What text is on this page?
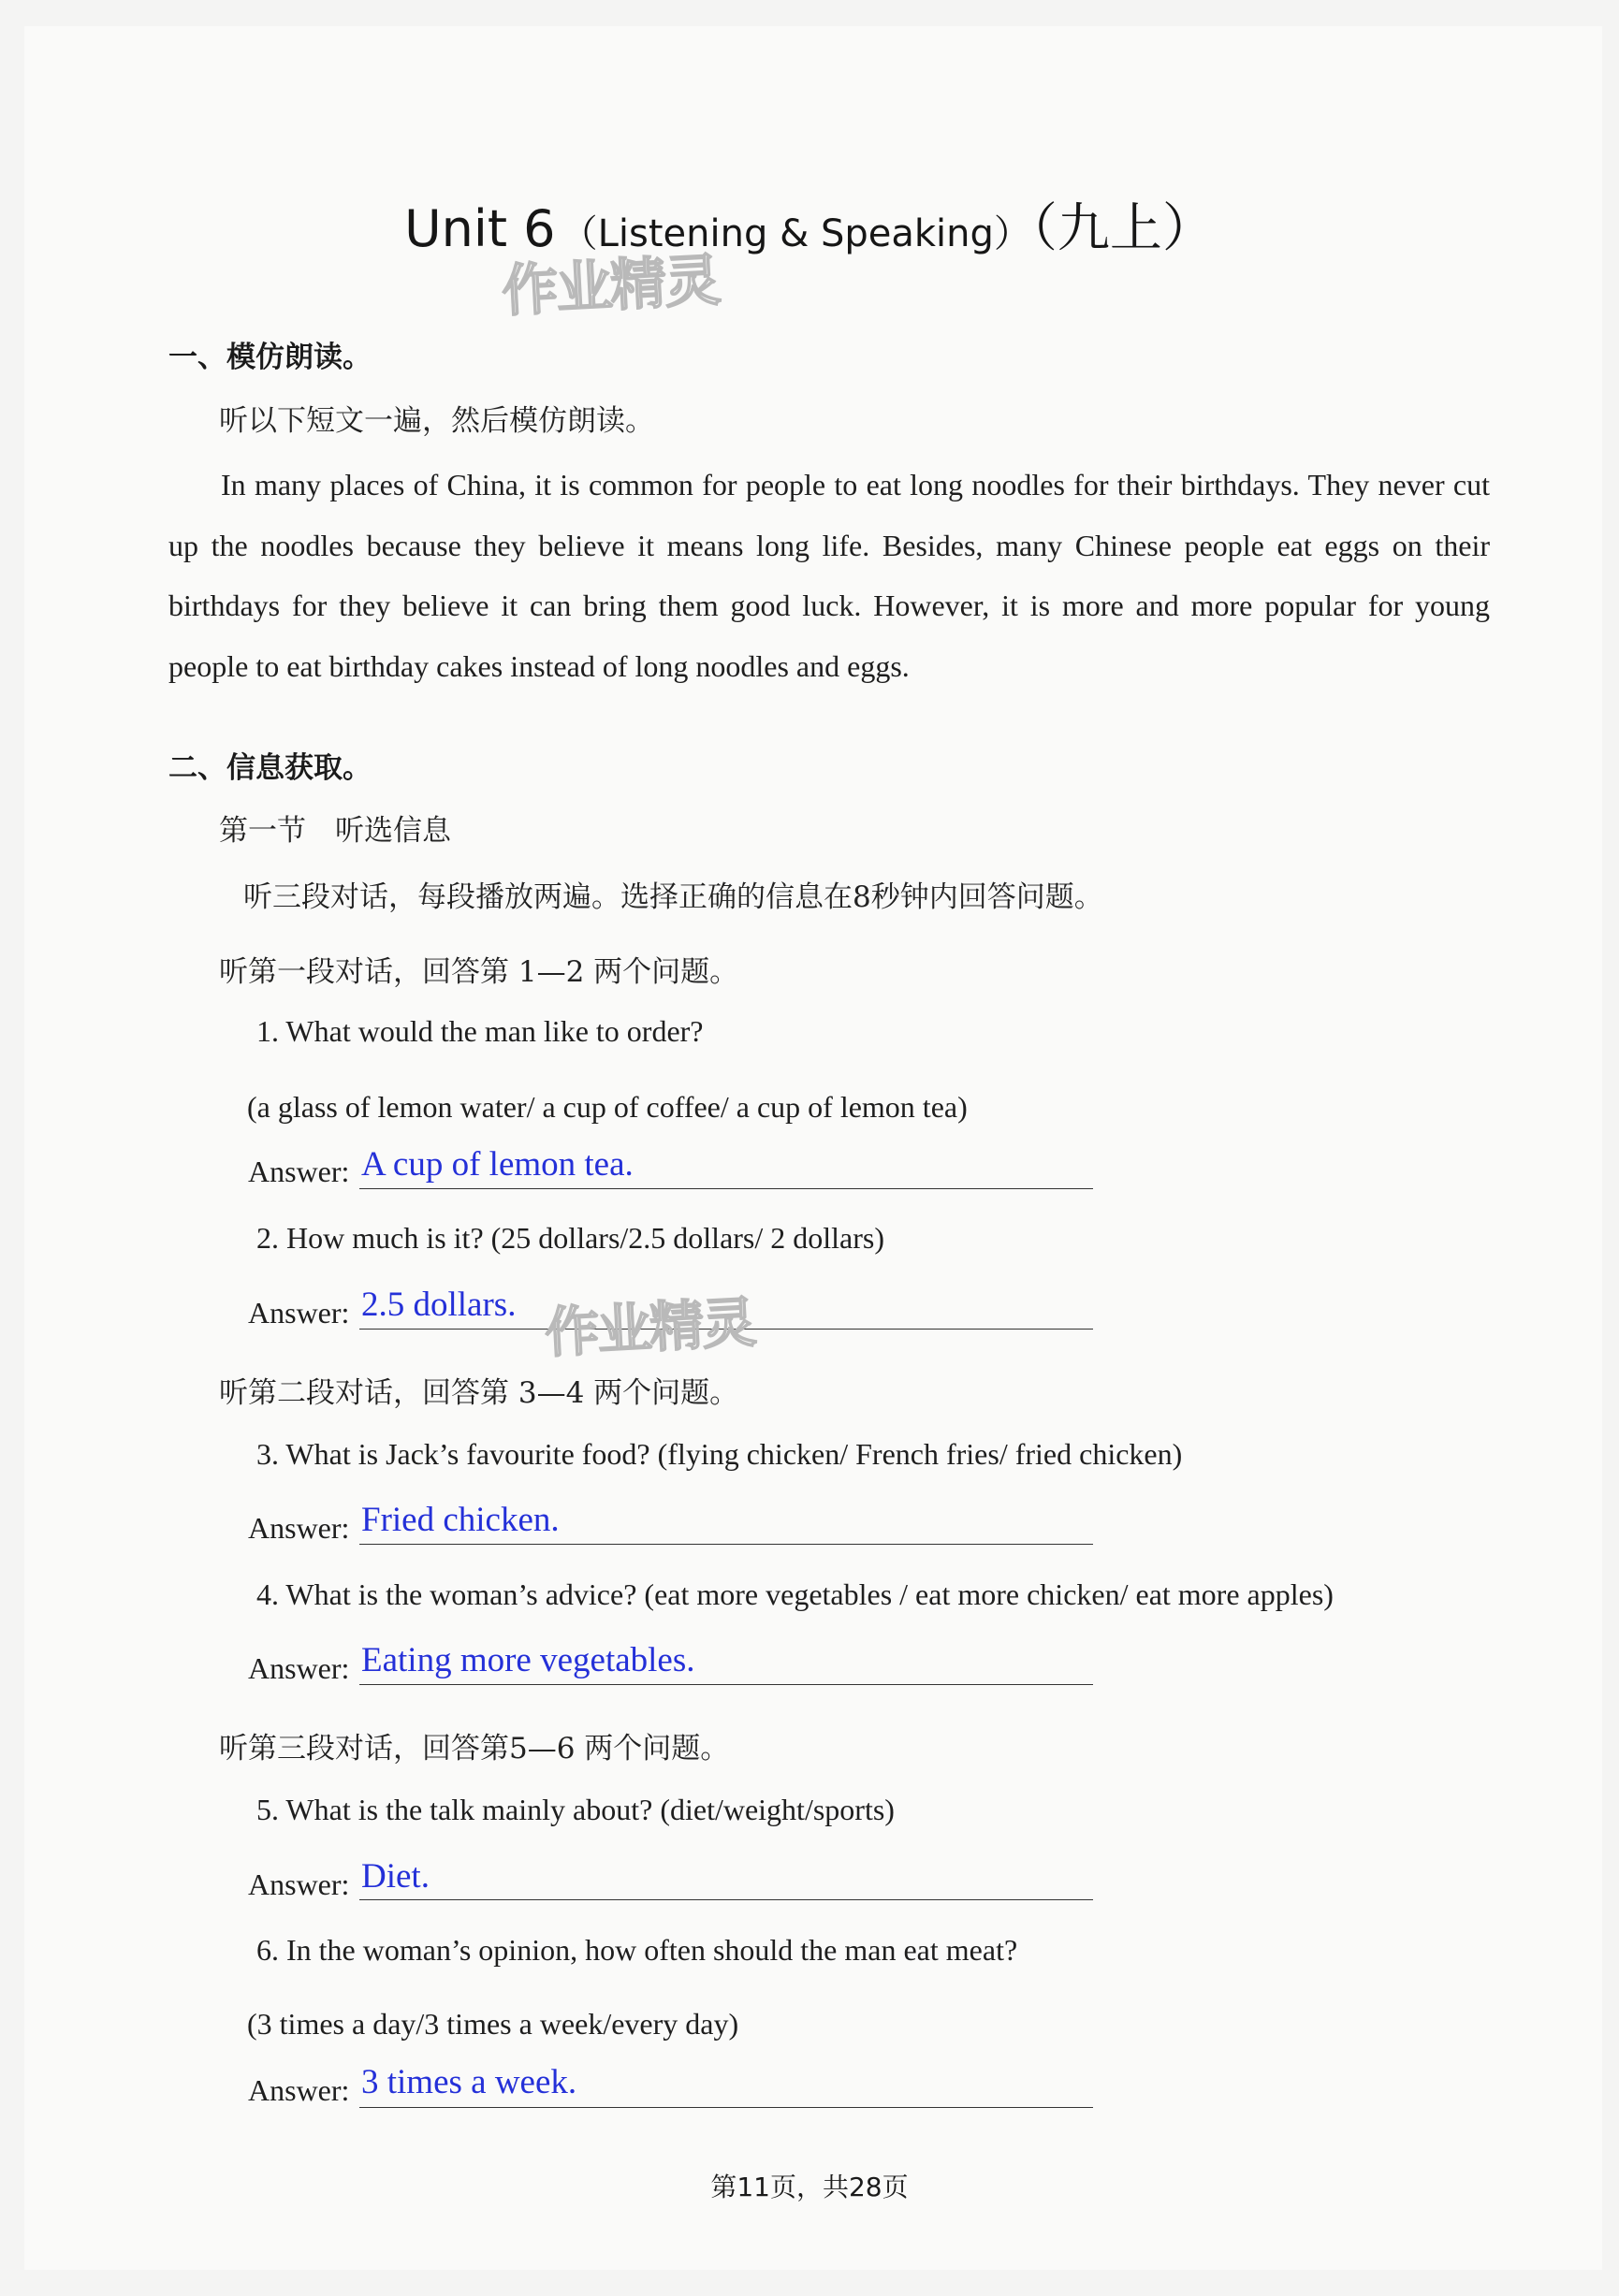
Unit 6 （Listening & Speaking）（九上）
作业精灵
一、模仿朗读。
听以下短文一遍，然后模仿朗读。
In many places of China, it is common for people to eat long noodles for their birthdays. They never cut up the noodles because they believe it means long life. Besides, many Chinese people eat eggs on their birthdays for they believe it can bring them good luck. However, it is more and more popular for young people to eat birthday cakes instead of long noodles and eggs.
二、信息获取。
第一节　听选信息
听三段对话，每段播放两遍。选择正确的信息在8秒钟内回答问题。
听第一段对话，回答第 1—2 两个问题。
1. What would the man like to order?
(a glass of lemon water/ a cup of coffee/ a cup of lemon tea)
Answer: A cup of lemon tea.
2. How much is it? (25 dollars/2.5 dollars/ 2 dollars)
Answer: 2.5 dollars. 作业精灵
听第二段对话，回答第 3—4 两个问题。
3. What is Jack’s favourite food? (flying chicken/ French fries/ fried chicken)
Answer: Fried chicken.
4. What is the woman’s advice? (eat more vegetables / eat more chicken/ eat more apples)
Answer: Eating more vegetables.
听第三段对话，回答第5—6 两个问题。
5. What is the talk mainly about? (diet/weight/sports)
Answer: Diet.
6. In the woman’s opinion, how often should the man eat meat?
(3 times a day/3 times a week/every day)
Answer: 3 times a week.
第11页，共28页
